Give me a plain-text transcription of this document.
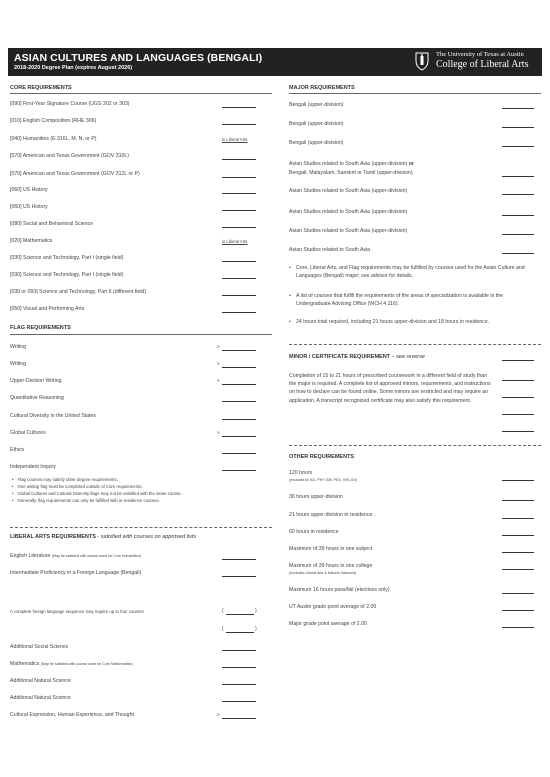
ASIAN CULTURES AND LANGUAGES (BENGALI)
2018-2020 Degree Plan (expires August 2026)
The University of Texas at Austin
College of Liberal Arts
CORE REQUIREMENTS
[090] First-Year Signature Course (UGS 302 or 303)
[010] English Composition (RHE 306)
[040] Humanities (E 316L, M, N, or P)	in Liberal Arts
[070] American and Texas Government (GOV 310L)
[070] American and Texas Government (GOV 312L or P)
[060] US History
[060] US History
[080] Social and Behavioral Science
[020] Mathematics	in Liberal Arts
[030] Science and Technology, Part I (single field)
[030] Science and Technology, Part I (single field)
[030 or 093] Science and Technology, Part II (different field)
[050] Visual and Performing Arts
FLAG REQUIREMENTS
Writing	»
Writing	»
Upper-Division Writing	»
Quantitative Reasoning
Cultural Diversity in the United States
Global Cultures	»
Ethics
Independent Inquiry
• Flag courses may satisfy other degree requirements.
• One writing flag must be completed outside of Core requirements.
• Global Cultures and Cultural Diversity flags may not be satisfied with the same course.
• Generally, flag requirements can only be fulfilled with in-residence courses.
LIBERAL ARTS REQUIREMENTS - satisfied with courses on approved lists
English Literature (May be satisfied with course used for Core Humanities)
Intermediate Proficiency in a Foreign Language (Bengali)
A complete foreign language sequence may require up to four courses	(	)
(	)
Additional Social Science
Mathematics (May be satisfied with course used for Core Mathematics)
Additional Natural Science
Additional Natural Science
Cultural Expression, Human Experience, and Thought	»
MAJOR REQUIREMENTS
Bengali (upper-division)
Bengali (upper-division)
Bengali (upper-division)
Asian Studies related to South Asia (upper-division) or
Bengali, Malayalam, Sanskrit or Tamil (upper-division)
Asian Studies related to South Asia (upper-division)
Asian Studies related to South Asia (upper-division)
Asian Studies related to South Asia (upper-division)
Asian Studies related to South Asia
• Core, Liberal Arts, and Flag requirements may be fulfilled by courses used for the Asian Culture and Languages (Bengali) major; see advisor for details.
• A list of courses that fulfill the requirements of the areas of specialization is available in the Undergraduate Advising Office (WCH 4.116).
• 24 hours total required, including 21 hours upper-division and 18 hours in residence.
MINOR / CERTIFICATE REQUIREMENT – see reverse
Completion of 15 to 21 hours of prescribed coursework in a different field of study than the major is required. A complete list of approved minors, requirements, and instructions on how to declare can be found online. Some minors are restricted and may require an application. A transcript recognized certificate may also satisfy this requirement.
OTHER REQUIREMENTS
120 hours
(excludes M 301, PHY 306, PED, KIN 119)
36 hours upper-division
21 hours upper-division in residence
60 hours in residence
Maximum of 39 hours in one subject
Maximum of 39 hours in one college
(excludes Liberal Arts & Natural Sciences)
Maximum 16 hours pass/fail (electives only)
UT Austin grade point average of 2.00
Major grade point average of 2.00
